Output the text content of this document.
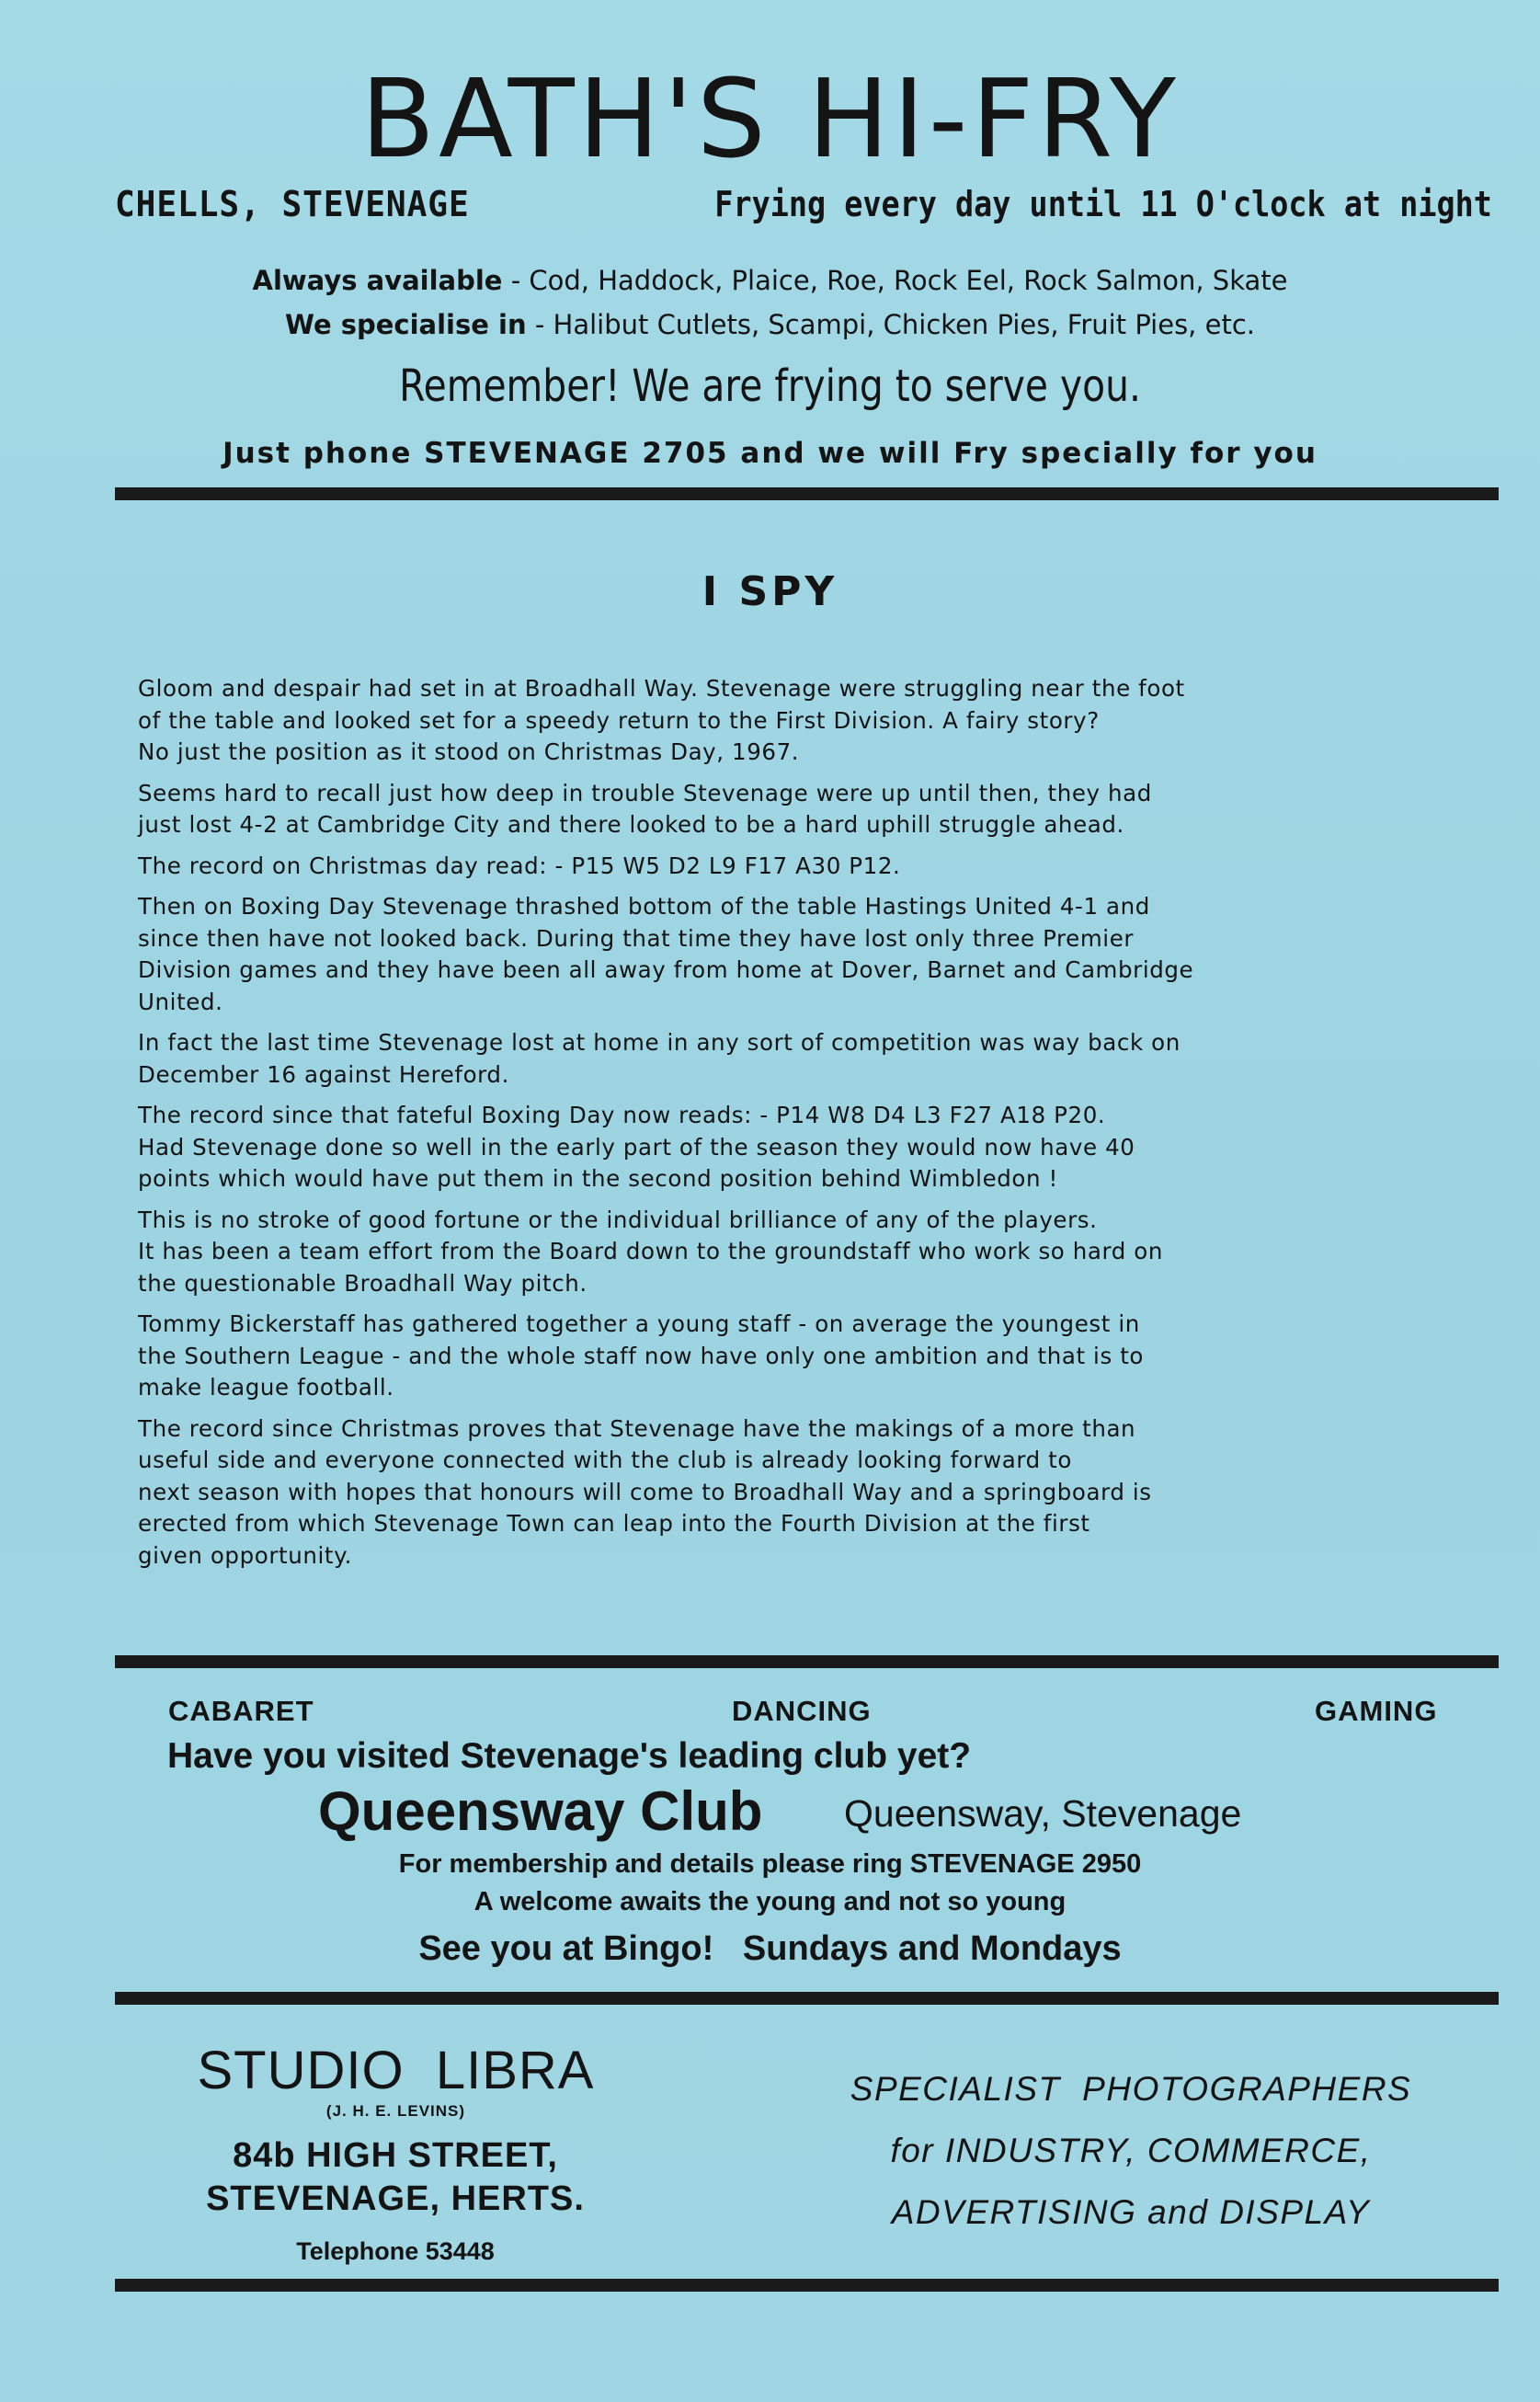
BATH'S HI-FRY
CHELLS, STEVENAGE	Frying every day until 11 O'clock at night
Always available - Cod, Haddock, Plaice, Roe, Rock Eel, Rock Salmon, Skate
We specialise in - Halibut Cutlets, Scampi, Chicken Pies, Fruit Pies, etc.
Remember! We are frying to serve you.
Just phone STEVENAGE 2705 and we will Fry specially for you
I SPY

Gloom and despair had set in at Broadhall Way. Stevenage were struggling near the foot
of the table and looked set for a speedy return to the First Division. A fairy story?
No just the position as it stood on Christmas Day, 1967.

Seems hard to recall just how deep in trouble Stevenage were up until then, they had
just lost 4-2 at Cambridge City and there looked to be a hard uphill struggle ahead.

The record on Christmas day read: - P15 W5 D2 L9 F17 A30 P12.

Then on Boxing Day Stevenage thrashed bottom of the table Hastings United 4-1 and
since then have not looked back. During that time they have lost only three Premier
Division games and they have been all away from home at Dover, Barnet and Cambridge
United.

In fact the last time Stevenage lost at home in any sort of competition was way back on
December 16 against Hereford.

The record since that fateful Boxing Day now reads: - P14 W8 D4 L3 F27 A18 P20.
Had Stevenage done so well in the early part of the season they would now have 40
points which would have put them in the second position behind Wimbledon !

This is no stroke of good fortune or the individual brilliance of any of the players.
It has been a team effort from the Board down to the groundstaff who work so hard on
the questionable Broadhall Way pitch.

Tommy Bickerstaff has gathered together a young staff - on average the youngest in
the Southern League - and the whole staff now have only one ambition and that is to
make league football.

The record since Christmas proves that Stevenage have the makings of a more than
useful side and everyone connected with the club is already looking forward to
next season with hopes that honours will come to Broadhall Way and a springboard is
erected from which Stevenage Town can leap into the Fourth Division at the first
given opportunity.

CABARET	DANCING	GAMING
Have you visited Stevenage's leading club yet?
Queensway Club Queensway, Stevenage
For membership and details please ring STEVENAGE 2950
A welcome awaits the young and not so young
See you at Bingo!   Sundays and Mondays
STUDIO  LIBRA
(J. H. E. LEVINS)
84b HIGH STREET,
STEVENAGE, HERTS.
Telephone 53448
SPECIALIST  PHOTOGRAPHERS
for INDUSTRY, COMMERCE,
ADVERTISING and DISPLAY
